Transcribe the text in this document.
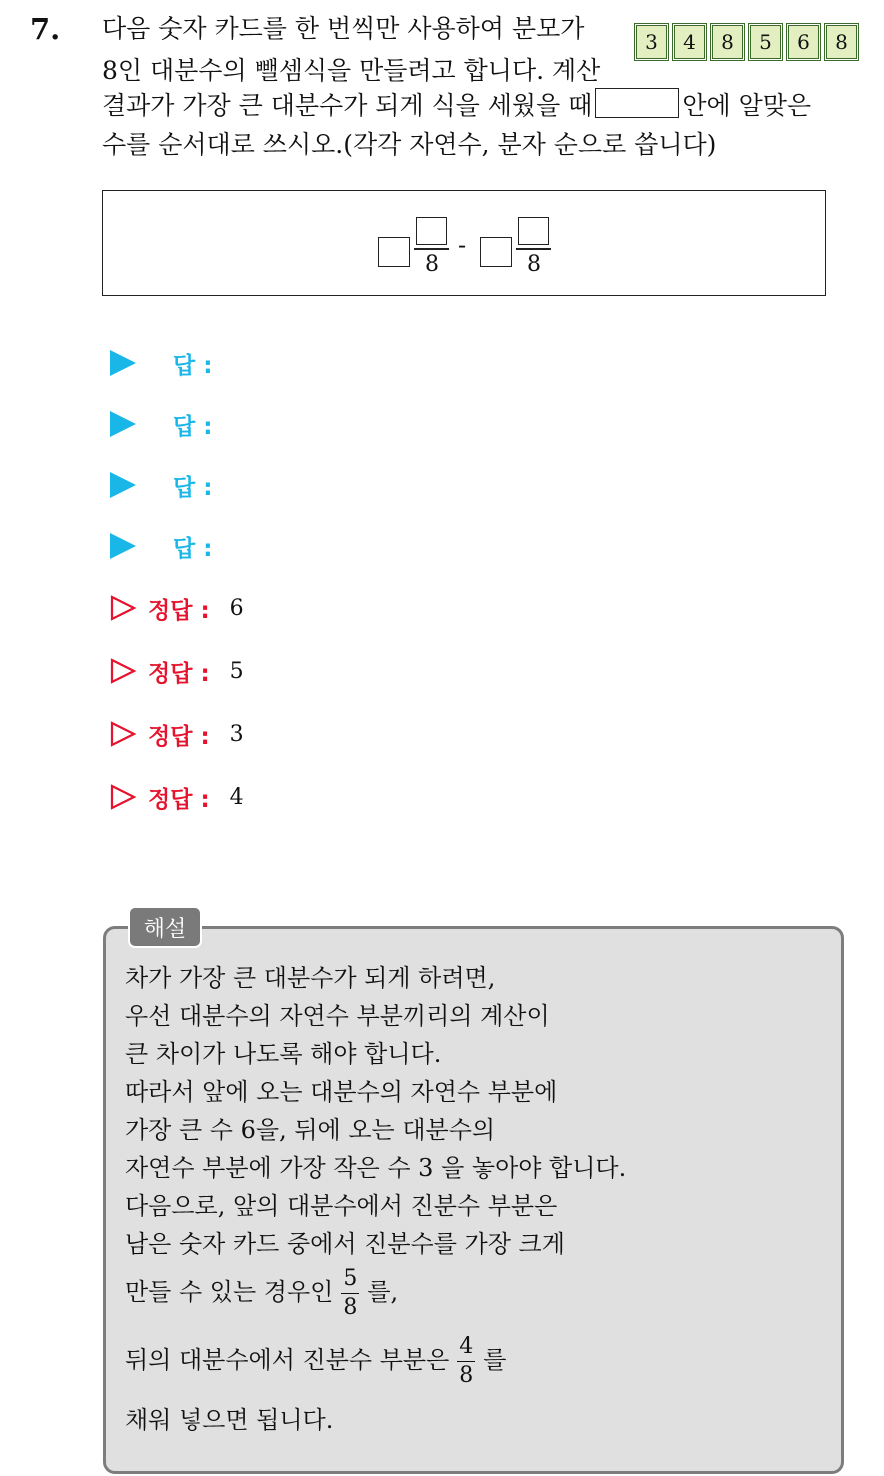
7. 다음 숫자 카드를 한 번씩만 사용하여 분모가
8인 대분수의 뺄셈식을 만들려고 합니다. 계산
결과가 가장 큰 대분수가 되게 식을 세웠을 때	안에 알맞은
수를 순서대로 쓰시오.(각각 자연수, 분자 순으로 씁니다)
3	4	8	5	6	8
8
-
8
답 :
답 :
답 :
답 :
정답 : 6
정답 : 5
정답 : 3
정답 : 4
해설
차가 가장 큰 대분수가 되게 하려면,
우선 대분수의 자연수 부분끼리의 계산이
큰 차이가 나도록 해야 합니다.
따라서 앞에 오는 대분수의 자연수 부분에
가장 큰 수 6을, 뒤에 오는 대분수의
자연수 부분에 가장 작은 수 3 을 놓아야 합니다.
다음으로, 앞의 대분수에서 진분수 부분은
남은 숫자 카드 중에서 진분수를 가장 크게
만들 수 있는 경우인 $\frac{5}{8}$ 를,
뒤의 대분수에서 진분수 부분은 $\frac{4}{8}$ 를
채워 넣으면 됩니다.
